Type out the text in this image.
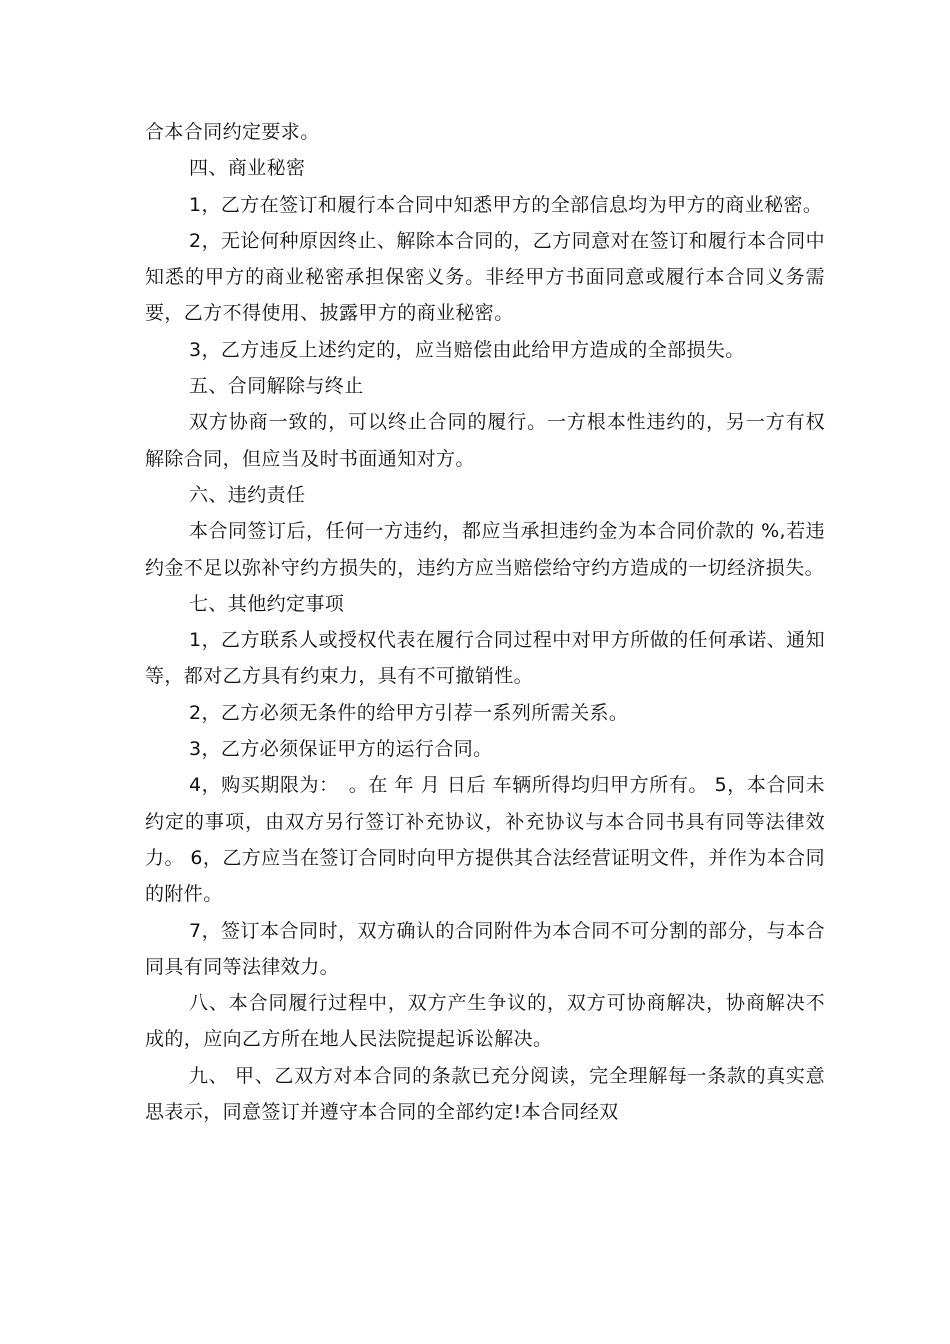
合本合同约定要求。

四、商业秘密

1，乙方在签订和履行本合同中知悉甲方的全部信息均为甲方的商业秘密。

2，无论何种原因终止、解除本合同的，乙方同意对在签订和履行本合同中知悉的甲方的商业秘密承担保密义务。非经甲方书面同意或履行本合同义务需要，乙方不得使用、披露甲方的商业秘密。

3，乙方违反上述约定的，应当赔偿由此给甲方造成的全部损失。

五、合同解除与终止

双方协商一致的，可以终止合同的履行。一方根本性违约的，另一方有权解除合同，但应当及时书面通知对方。

六、违约责任

本合同签订后，任何一方违约，都应当承担违约金为本合同价款的 %,若违约金不足以弥补守约方损失的，违约方应当赔偿给守约方造成的一切经济损失。

七、其他约定事项

1，乙方联系人或授权代表在履行合同过程中对甲方所做的任何承诺、通知等，都对乙方具有约束力，具有不可撤销性。

2，乙方必须无条件的给甲方引荐一系列所需关系。

3，乙方必须保证甲方的运行合同。

4，购买期限为：　。在 年 月 日后 车辆所得均归甲方所有。 5，本合同未约定的事项，由双方另行签订补充协议，补充协议与本合同书具有同等法律效力。 6，乙方应当在签订合同时向甲方提供其合法经营证明文件，并作为本合同的附件。

7，签订本合同时，双方确认的合同附件为本合同不可分割的部分，与本合同具有同等法律效力。

八、本合同履行过程中，双方产生争议的，双方可协商解决，协商解决不成的，应向乙方所在地人民法院提起诉讼解决。

九、 甲、乙双方对本合同的条款已充分阅读，完全理解每一条款的真实意思表示，同意签订并遵守本合同的全部约定!本合同经双
